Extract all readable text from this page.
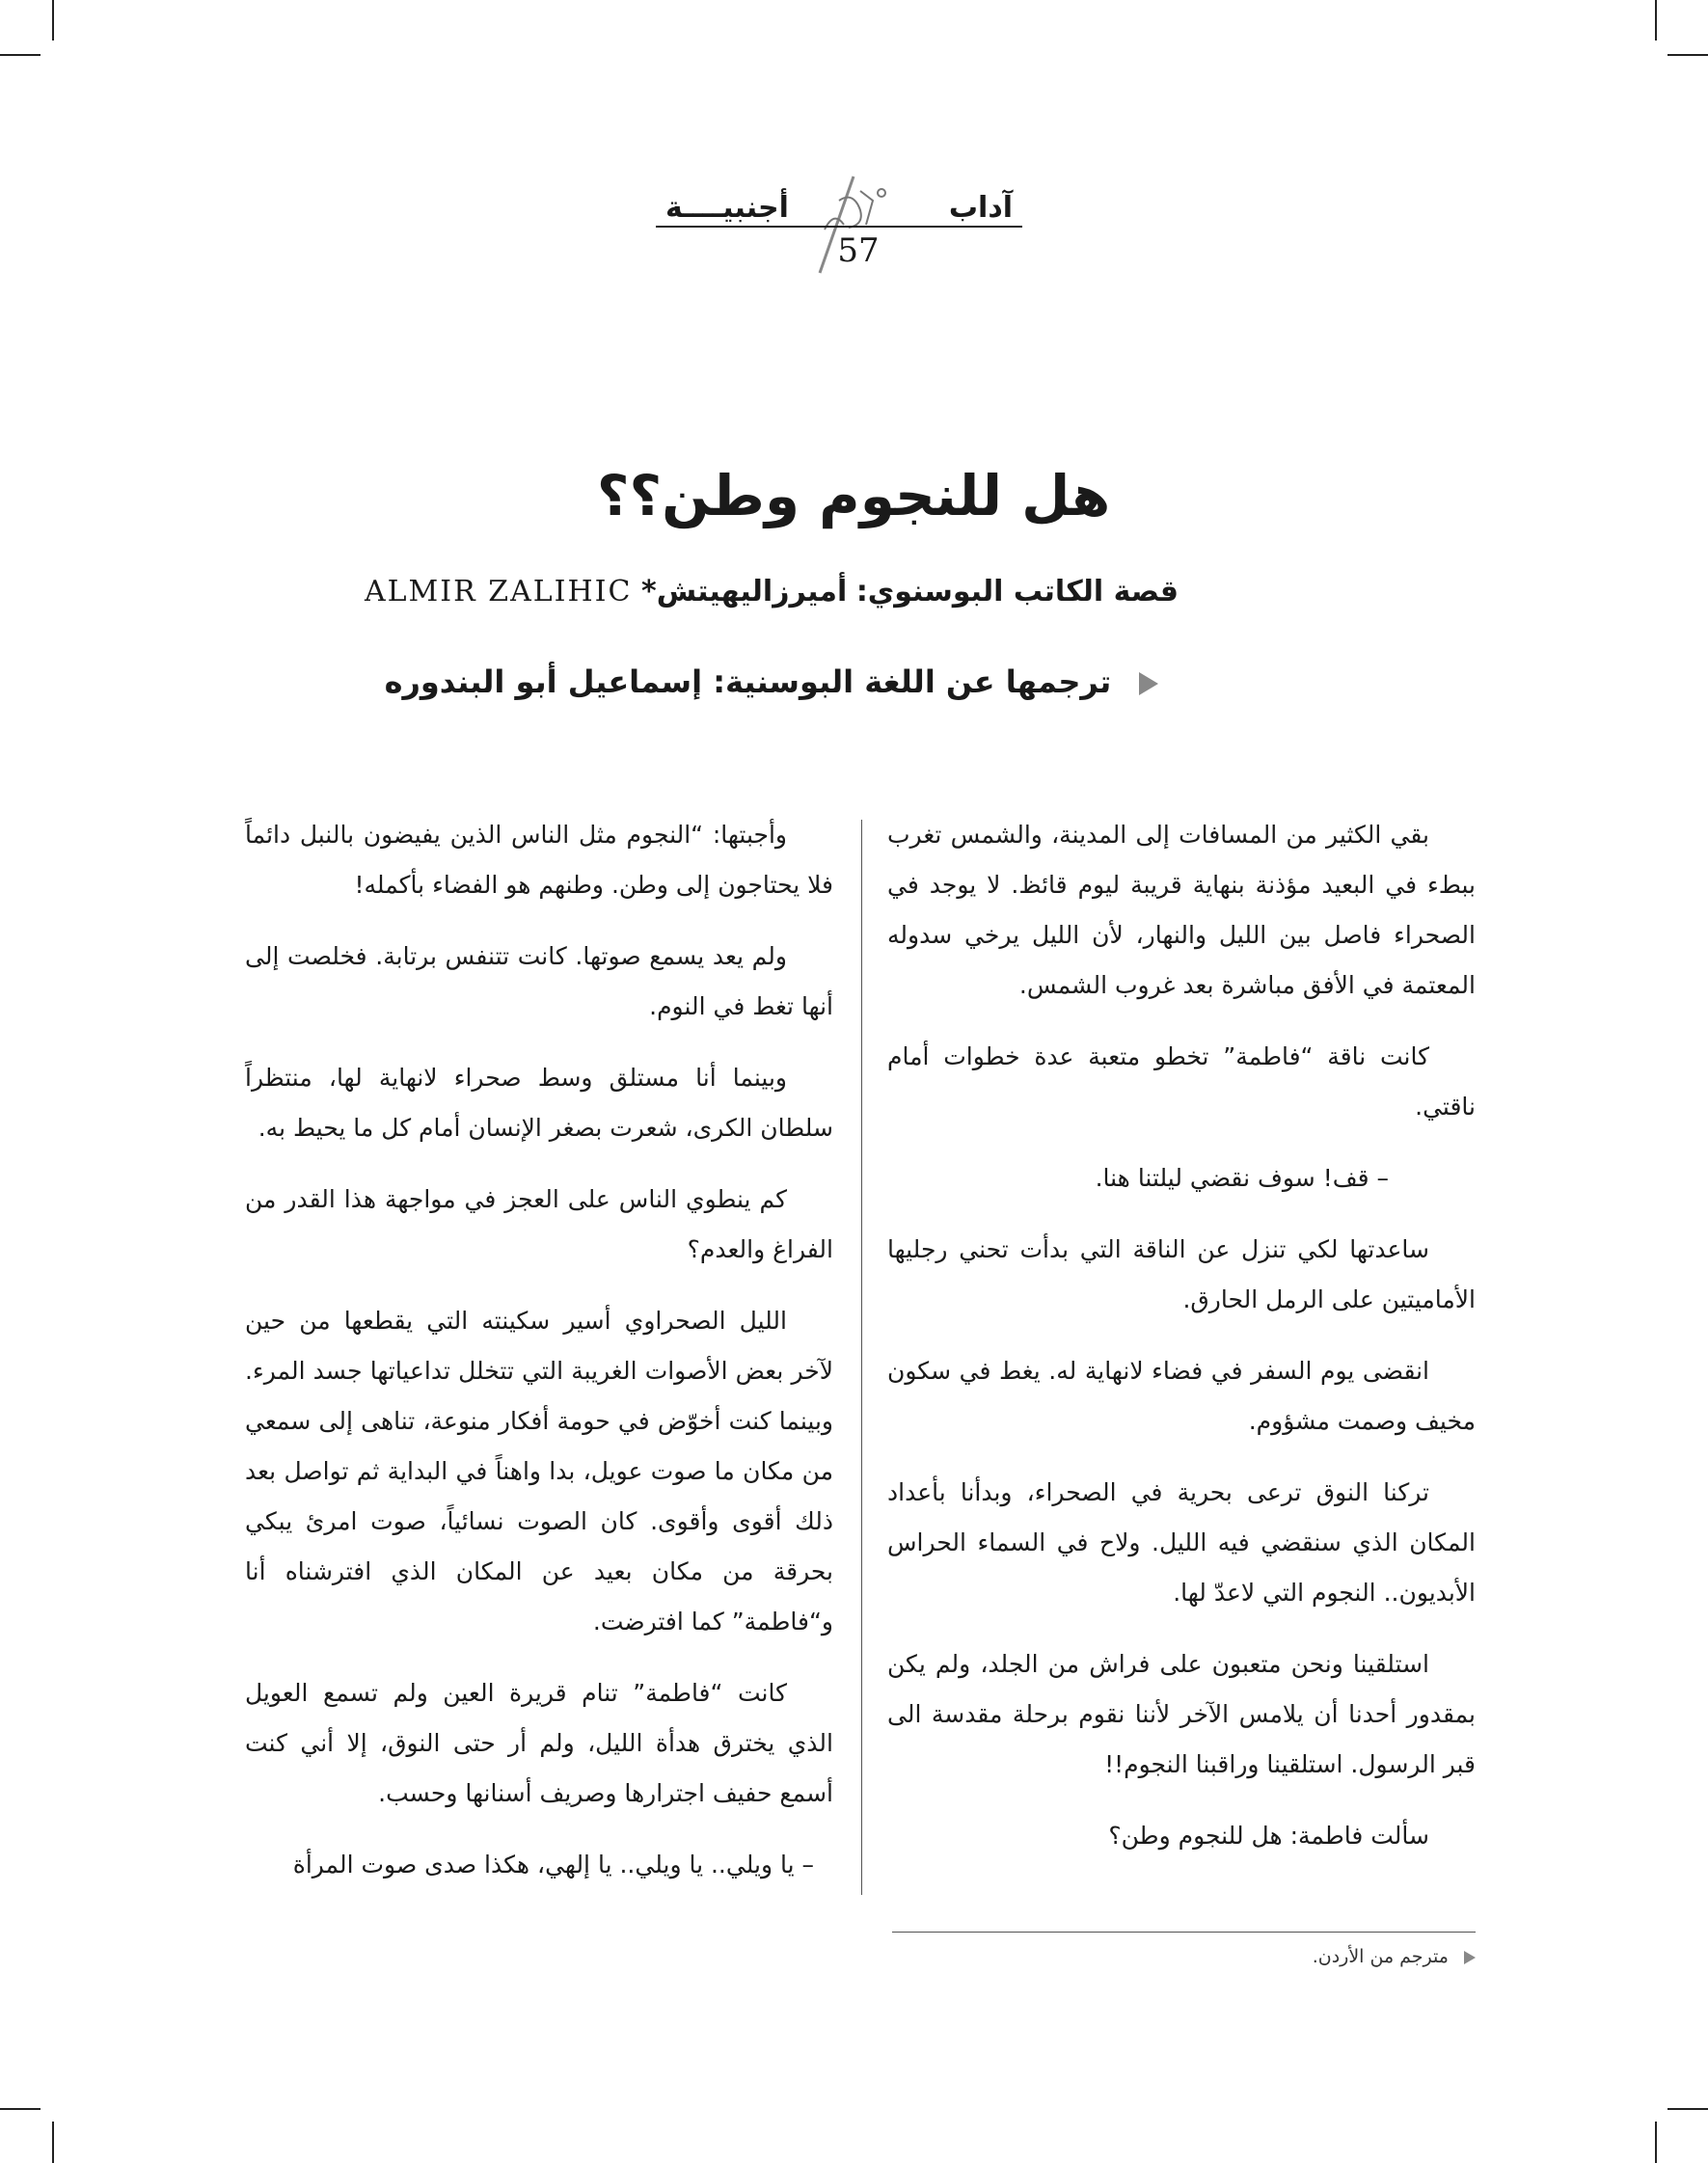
أجنبيــــة	آداب
57
هل للنجوم وطن؟؟
قصة الكاتب البوسنوي: أميرزاليهيتش* ALMIR ZALIHIC
ترجمها عن اللغة البوسنية: إسماعيل أبو البندوره

بقي الكثير من المسافات إلى المدينة، والشمس تغرب ببطء في البعيد مؤذنة بنهاية قريبة ليوم قائظ. لا يوجد في الصحراء فاصل بين الليل والنهار، لأن الليل يرخي سدوله المعتمة في الأفق مباشرة بعد غروب الشمس.

كانت ناقة “فاطمة” تخطو متعبة عدة خطوات أمام ناقتي.

– قف! سوف نقضي ليلتنا هنا.

ساعدتها لكي تنزل عن الناقة التي بدأت تحني رجليها الأماميتين على الرمل الحارق.

انقضى يوم السفر في فضاء لانهاية له. يغط في سكون مخيف وصمت مشؤوم.

تركنا النوق ترعى بحرية في الصحراء، وبدأنا بأعداد المكان الذي سنقضي فيه الليل. ولاح في السماء الحراس الأبديون.. النجوم التي لاعدّ لها.

استلقينا ونحن متعبون على فراش من الجلد، ولم يكن بمقدور أحدنا أن يلامس الآخر لأننا نقوم برحلة مقدسة الى قبر الرسول. استلقينا وراقبنا النجوم!!

سألت فاطمة: هل للنجوم وطن؟

وأجبتها: “النجوم مثل الناس الذين يفيضون بالنبل دائماً فلا يحتاجون إلى وطن. وطنهم هو الفضاء بأكمله!

ولم يعد يسمع صوتها. كانت تتنفس برتابة. فخلصت إلى أنها تغط في النوم.

وبينما أنا مستلق وسط صحراء لانهاية لها، منتظراً سلطان الكرى، شعرت بصغر الإنسان أمام كل ما يحيط به.

كم ينطوي الناس على العجز في مواجهة هذا القدر من الفراغ والعدم؟

الليل الصحراوي أسير سكينته التي يقطعها من حين لآخر بعض الأصوات الغريبة التي تتخلل تداعياتها جسد المرء. وبينما كنت أخوّض في حومة أفكار منوعة، تناهى إلى سمعي من مكان ما صوت عويل، بدا واهناً في البداية ثم تواصل بعد ذلك أقوى وأقوى. كان الصوت نسائياً، صوت امرئ يبكي بحرقة من مكان بعيد عن المكان الذي افترشناه أنا و“فاطمة” كما افترضت.

كانت “فاطمة” تنام قريرة العين ولم تسمع العويل الذي يخترق هدأة الليل، ولم أر حتى النوق، إلا أني كنت أسمع حفيف اجترارها وصريف أسنانها وحسب.

– يا ويلي.. يا ويلي.. يا إلهي، هكذا صدى صوت المرأة

مترجم من الأردن.
